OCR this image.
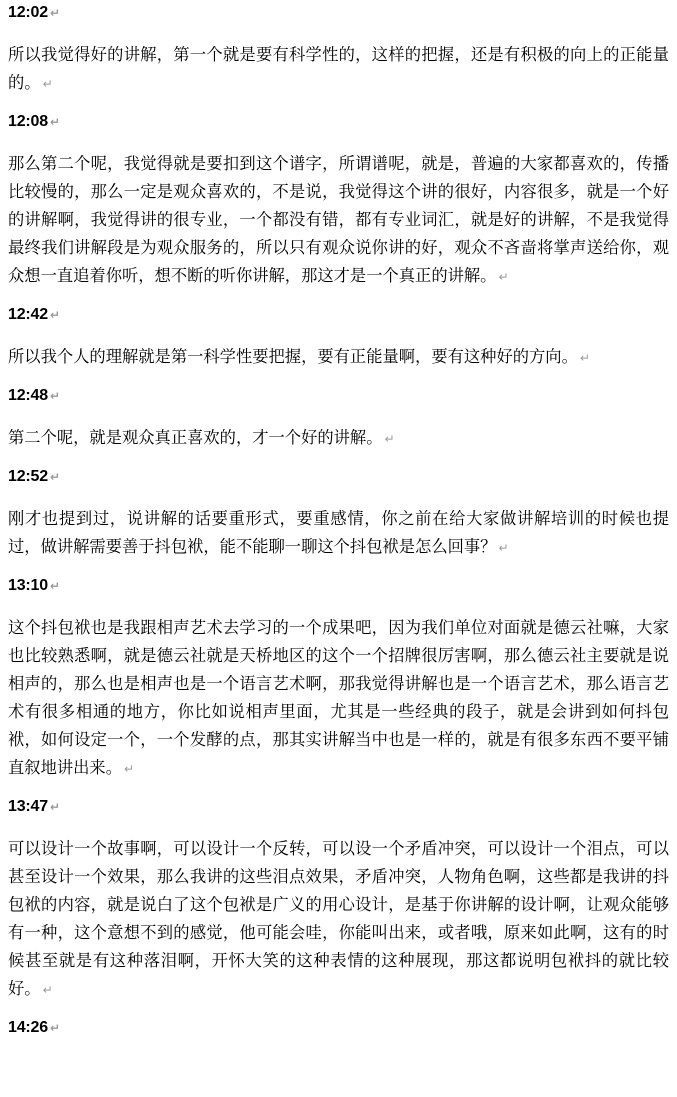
12:02 ↵

所以我觉得好的讲解，第一个就是要有科学性的，这样的把握，还是有积极的向上的正能量的。 ↵

12:08 ↵

那么第二个呢，我觉得就是要扣到这个谱字，所谓谱呢，就是，普遍的大家都喜欢的，传播比较慢的，那么一定是观众喜欢的，不是说，我觉得这个讲的很好，内容很多，就是一个好的讲解啊，我觉得讲的很专业，一个都没有错，都有专业词汇，就是好的讲解，不是我觉得最终我们讲解段是为观众服务的，所以只有观众说你讲的好，观众不吝啬将掌声送给你，观众想一直追着你听，想不断的听你讲解，那这才是一个真正的讲解。 ↵

12:42 ↵

所以我个人的理解就是第一科学性要把握，要有正能量啊，要有这种好的方向。 ↵

12:48 ↵

第二个呢，就是观众真正喜欢的，才一个好的讲解。 ↵

12:52 ↵

刚才也提到过，说讲解的话要重形式，要重感情，你之前在给大家做讲解培训的时候也提过，做讲解需要善于抖包袱，能不能聊一聊这个抖包袱是怎么回事？ ↵

13:10 ↵

这个抖包袱也是我跟相声艺术去学习的一个成果吧，因为我们单位对面就是德云社嘛，大家也比较熟悉啊，就是德云社就是天桥地区的这个一个招牌很厉害啊，那么德云社主要就是说相声的，那么也是相声也是一个语言艺术啊，那我觉得讲解也是一个语言艺术，那么语言艺术有很多相通的地方，你比如说相声里面，尤其是一些经典的段子，就是会讲到如何抖包袱，如何设定一个，一个发酵的点，那其实讲解当中也是一样的，就是有很多东西不要平铺直叙地讲出来。 ↵

13:47 ↵

可以设计一个故事啊，可以设计一个反转，可以设一个矛盾冲突，可以设计一个泪点，可以甚至设计一个效果，那么我讲的这些泪点效果，矛盾冲突，人物角色啊，这些都是我讲的抖包袱的内容，就是说白了这个包袱是广义的用心设计，是基于你讲解的设计啊，让观众能够有一种，这个意想不到的感觉，他可能会哇，你能叫出来，或者哦，原来如此啊，这有的时候甚至就是有这种落泪啊，开怀大笑的这种表情的这种展现，那这都说明包袱抖的就比较好。 ↵

14:26 ↵
